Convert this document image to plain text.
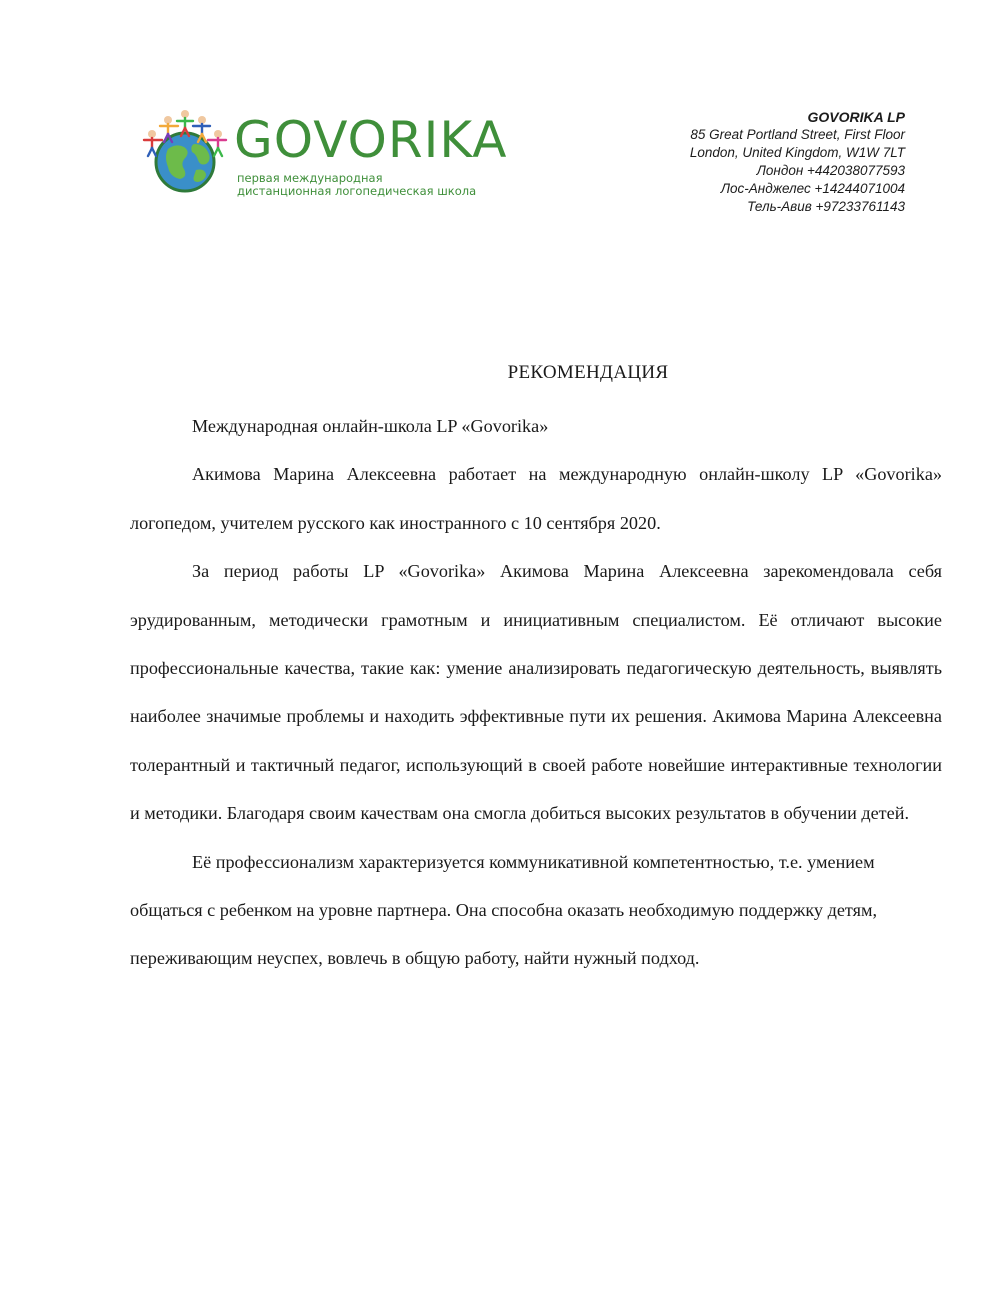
GOVORIKA
первая международная
дистанционная логопедическая школа
GOVORIKA LP
85 Great Portland Street, First Floor
London, United Kingdom, W1W 7LT
Лондон +442038077593
Лос-Анджелес +14244071004
Тель-Авив +97233761143
РЕКОМЕНДАЦИЯ

Международная онлайн-школа LP «Govorika»

Акимова Марина Алексеевна работает на международную онлайн-школу LP «Govorika» логопедом, учителем русского как иностранного с 10 сентября 2020.

За период работы LP «Govorika» Акимова Марина Алексеевна зарекомендовала себя эрудированным, методически грамотным и инициативным специалистом. Её отличают высокие профессиональные качества, такие как: умение анализировать педагогическую деятельность, выявлять наиболее значимые проблемы и находить эффективные пути их решения. Акимова Марина Алексеевна толерантный и тактичный педагог, использующий в своей работе новейшие интерактивные технологии и методики. Благодаря своим качествам она смогла добиться высоких результатов в обучении детей.

Её профессионализм характеризуется коммуникативной компетентностью, т.е. умением общаться с ребенком на уровне партнера. Она способна оказать необходимую поддержку детям, переживающим неуспех, вовлечь в общую работу, найти нужный подход.
